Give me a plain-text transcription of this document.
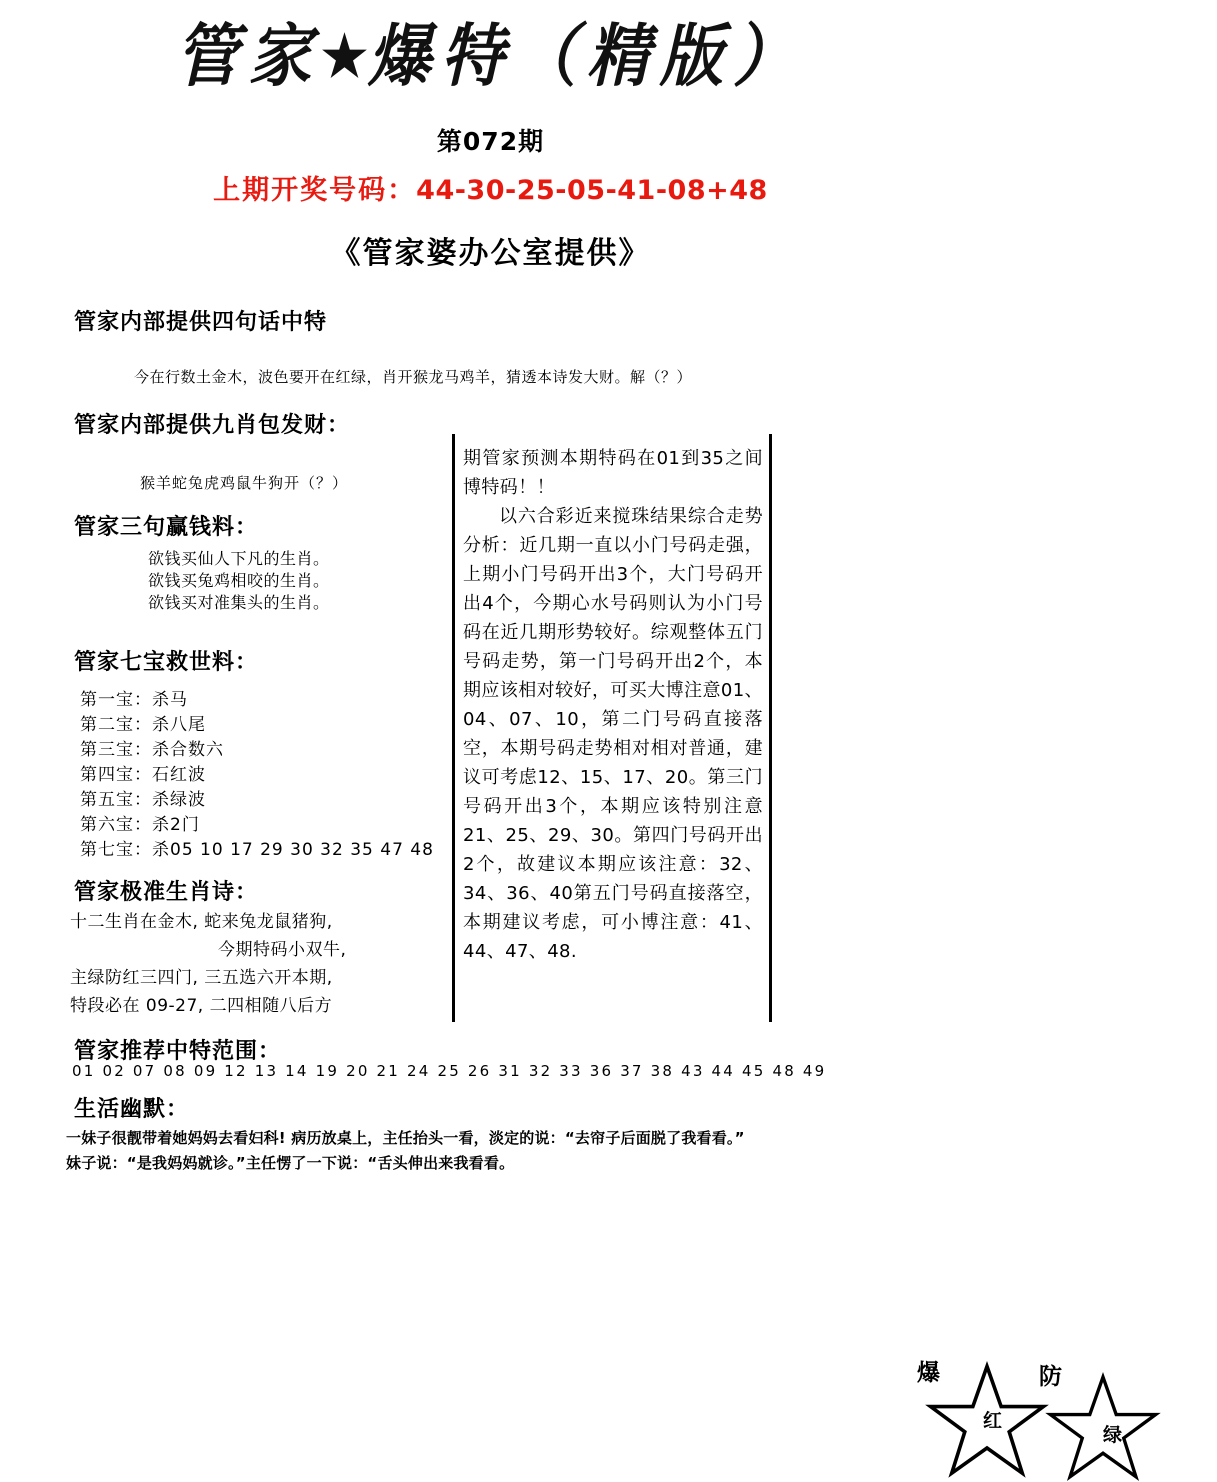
管家★爆特（精版）
第072期
上期开奖号码：44-30-25-05-41-08+48
《管家婆办公室提供》
管家内部提供四句话中特
今在行数土金木，波色要开在红绿，肖开猴龙马鸡羊，猜透本诗发大财。解（？）
管家内部提供九肖包发财：
猴羊蛇兔虎鸡鼠牛狗开（？）
管家三句赢钱料：
欲钱买仙人下凡的生肖。
欲钱买兔鸡相咬的生肖。
欲钱买对准集头的生肖。
管家七宝救世料：
第一宝：杀马
第二宝：杀八尾
第三宝：杀合数六
第四宝：石红波
第五宝：杀绿波
第六宝：杀2门
第七宝：杀05 10 17 29 30 32 35 47 48
管家极准生肖诗：
十二生肖在金木, 蛇来兔龙鼠猪狗,
今期特码小双牛,
主绿防红三四门, 三五选六开本期,
特段必在 09-27, 二四相随八后方
管家推荐中特范围：
01 02 07 08 09 12 13 14 19 20 21 24 25 26 31 32 33 36 37 38 43 44 45 48 49
生活幽默：
一妹子很靓带着她妈妈去看妇科! 病历放桌上，主任抬头一看，淡定的说：“去帘子后面脱了我看看。”
妹子说：“是我妈妈就诊。”主任愣了一下说：“舌头伸出来我看看。

期管家预测本期特码在01到35之间博特码！！

以六合彩近来搅珠结果综合走势分析：近几期一直以小门号码走强，上期小门号码开出3个，大门号码开出4个，今期心水号码则认为小门号码在近几期形势较好。综观整体五门号码走势，第一门号码开出2个，本期应该相对较好，可买大博注意01、04、07、10，第二门号码直接落空，本期号码走势相对相对普通，建议可考虑12、15、17、20。第三门号码开出3个，本期应该特别注意21、25、29、30。第四门号码开出2个，故建议本期应该注意：32、34、36、40第五门号码直接落空，本期建议考虑，可小博注意：41、44、47、48.

爆	防
红
绿
